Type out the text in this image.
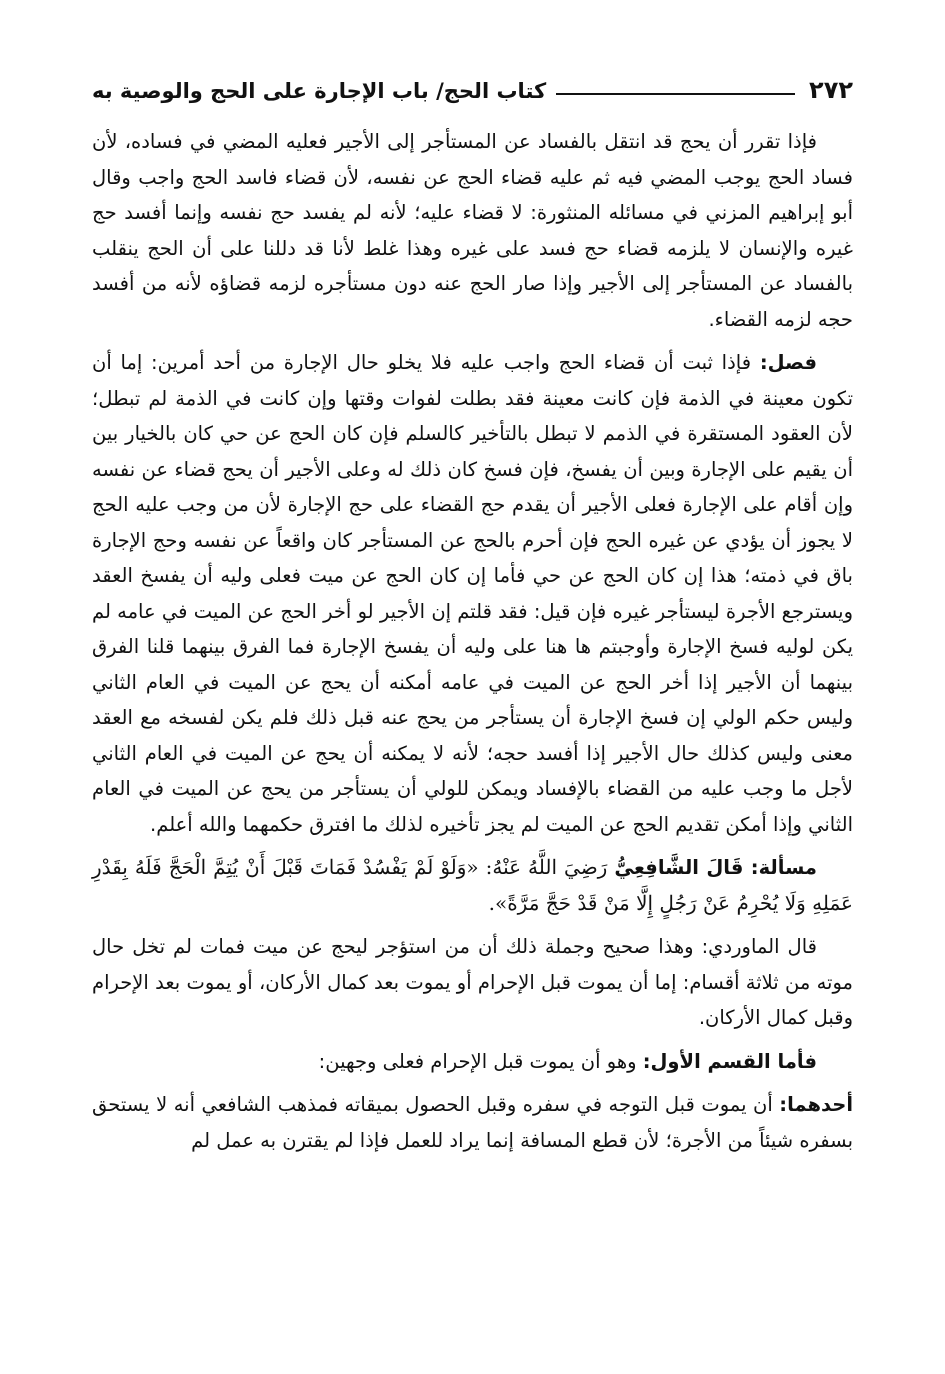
٢٧٢
كتاب الحج/ باب الإجارة على الحج والوصية به

فإذا تقرر أن يحج قد انتقل بالفساد عن المستأجر إلى الأجير فعليه المضي في فساده، لأن فساد الحج يوجب المضي فيه ثم عليه قضاء الحج عن نفسه، لأن قضاء فاسد الحج واجب وقال أبو إبراهيم المزني في مسائله المنثورة: لا قضاء عليه؛ لأنه لم يفسد حج نفسه وإنما أفسد حج غيره والإنسان لا يلزمه قضاء حج فسد على غيره وهذا غلط لأنا قد دللنا على أن الحج ينقلب بالفساد عن المستأجر إلى الأجير وإذا صار الحج عنه دون مستأجره لزمه قضاؤه لأنه من أفسد حجه لزمه القضاء.

فصل: فإذا ثبت أن قضاء الحج واجب عليه فلا يخلو حال الإجارة من أحد أمرين: إما أن تكون معينة في الذمة فإن كانت معينة فقد بطلت لفوات وقتها وإن كانت في الذمة لم تبطل؛ لأن العقود المستقرة في الذمم لا تبطل بالتأخير كالسلم فإن كان الحج عن حي كان بالخيار بين أن يقيم على الإجارة وبين أن يفسخ، فإن فسخ كان ذلك له وعلى الأجير أن يحج قضاء عن نفسه وإن أقام على الإجارة فعلى الأجير أن يقدم حج القضاء على حج الإجارة لأن من وجب عليه الحج لا يجوز أن يؤدي عن غيره الحج فإن أحرم بالحج عن المستأجر كان واقعاً عن نفسه وحج الإجارة باق في ذمته؛ هذا إن كان الحج عن حي فأما إن كان الحج عن ميت فعلى وليه أن يفسخ العقد ويسترجع الأجرة ليستأجر غيره فإن قيل: فقد قلتم إن الأجير لو أخر الحج عن الميت في عامه لم يكن لوليه فسخ الإجارة وأوجبتم ها هنا على وليه أن يفسخ الإجارة فما الفرق بينهما قلنا الفرق بينهما أن الأجير إذا أخر الحج عن الميت في عامه أمكنه أن يحج عن الميت في العام الثاني وليس حكم الولي إن فسخ الإجارة أن يستأجر من يحج عنه قبل ذلك فلم يكن لفسخه مع العقد معنى وليس كذلك حال الأجير إذا أفسد حجه؛ لأنه لا يمكنه أن يحج عن الميت في العام الثاني لأجل ما وجب عليه من القضاء بالإفساد ويمكن للولي أن يستأجر من يحج عن الميت في العام الثاني وإذا أمكن تقديم الحج عن الميت لم يجز تأخيره لذلك ما افترق حكمهما والله أعلم.

مسألة: قَالَ الشَّافِعِيُّ رَضِيَ اللَّهُ عَنْهُ: «وَلَوْ لَمْ يَفْسُدْ فَمَاتَ قَبْلَ أَنْ يُتِمَّ الْحَجَّ فَلَهُ بِقَدْرِ عَمَلِهِ وَلَا يُحْرِمُ عَنْ رَجُلٍ إِلَّا مَنْ قَدْ حَجَّ مَرَّةً».

قال الماوردي: وهذا صحيح وجملة ذلك أن من استؤجر ليحج عن ميت فمات لم تخل حال موته من ثلاثة أقسام: إما أن يموت قبل الإحرام أو يموت بعد كمال الأركان، أو يموت بعد الإحرام وقبل كمال الأركان.

فأما القسم الأول: وهو أن يموت قبل الإحرام فعلى وجهين:

أحدهما: أن يموت قبل التوجه في سفره وقبل الحصول بميقاته فمذهب الشافعي أنه لا يستحق بسفره شيئاً من الأجرة؛ لأن قطع المسافة إنما يراد للعمل فإذا لم يقترن به عمل لم
